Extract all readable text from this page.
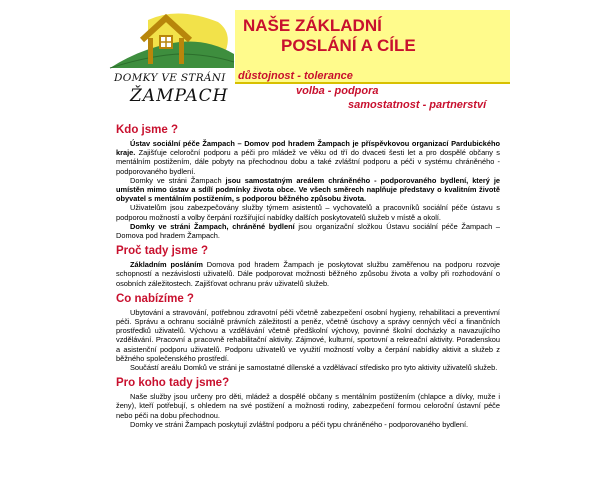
DOMKY VE STRÁNI
ŽAMPACH
NAŠE ZÁKLADNÍ
POSLÁNÍ A CÍLE
důstojnost - tolerance
volba - podpora
samostatnost - partnerství
Kdo jsme ?

Ústav sociální péče Žampach – Domov pod hradem Žampach je příspěvkovou organizací Pardubického kraje. Zajišťuje celoroční podporu a péči pro mládež ve věku od tří do dvaceti šesti let a pro dospělé občany s mentálním postižením, dále pobyty na přechodnou dobu a také zvláštní podporu a péči v systému chráněného - podporovaného bydlení.

Domky ve stráni Žampach jsou samostatným areálem chráněného - podporovaného bydlení, který je umístěn mimo ústav a sdílí podmínky života obce. Ve všech směrech naplňuje představy o kvalitním životě obyvatel s mentálním postižením, s podporou běžného způsobu života.

Uživatelům jsou zabezpečovány služby týmem asistentů – vychovatelů a pracovníků sociální péče ústavu s podporou možností a volby čerpání rozšiřující nabídky dalších poskytovatelů služeb v místě a okolí.

Domky ve stráni Žampach, chráněné bydlení jsou organizační složkou Ústavu sociální péče Žampach – Domova pod hradem Žampach.

Proč tady jsme ?

Základním posláním Domova pod hradem Žampach je poskytovat službu zaměřenou na podporu rozvoje schopností a nezávislosti uživatelů. Dále podporovat možnosti běžného způsobu života a volby při rozhodování o osobních záležitostech. Zajišťovat ochranu práv uživatelů služeb.

Co nabízíme ?

Ubytování a stravování, potřebnou zdravotní péči včetně zabezpečení osobní hygieny, rehabilitaci a preventivní péči. Správu a ochranu sociálně právních záležitostí a peněz, včetně úschovy a správy cenných věcí a finančních prostředků uživatelů. Výchovu a vzdělávání včetně předškolní výchovy, povinné školní docházky a navazujícího vzdělávání. Pracovní a pracovně rehabilitační aktivity. Zájmové, kulturní, sportovní a rekreační aktivity. Poradenskou a asistenční podporu uživatelů. Podporu uživatelů ve využití možností volby a čerpání nabídky aktivit a služeb z běžného společenského prostředí.

Součástí areálu Domků ve stráni je samostatné dílenské a vzdělávací středisko pro tyto aktivity uživatelů služeb.

Pro koho tady jsme?

Naše služby jsou určeny pro děti, mládež a dospělé občany s mentálním postižením (chlapce a dívky, muže i ženy), kteří potřebují, s ohledem na své postižení a možnosti rodiny, zabezpečení formou celoroční ústavní péče nebo péči na dobu přechodnou.

Domky ve stráni Žampach poskytují zvláštní podporu a péči typu chráněného - podporovaného bydlení.
